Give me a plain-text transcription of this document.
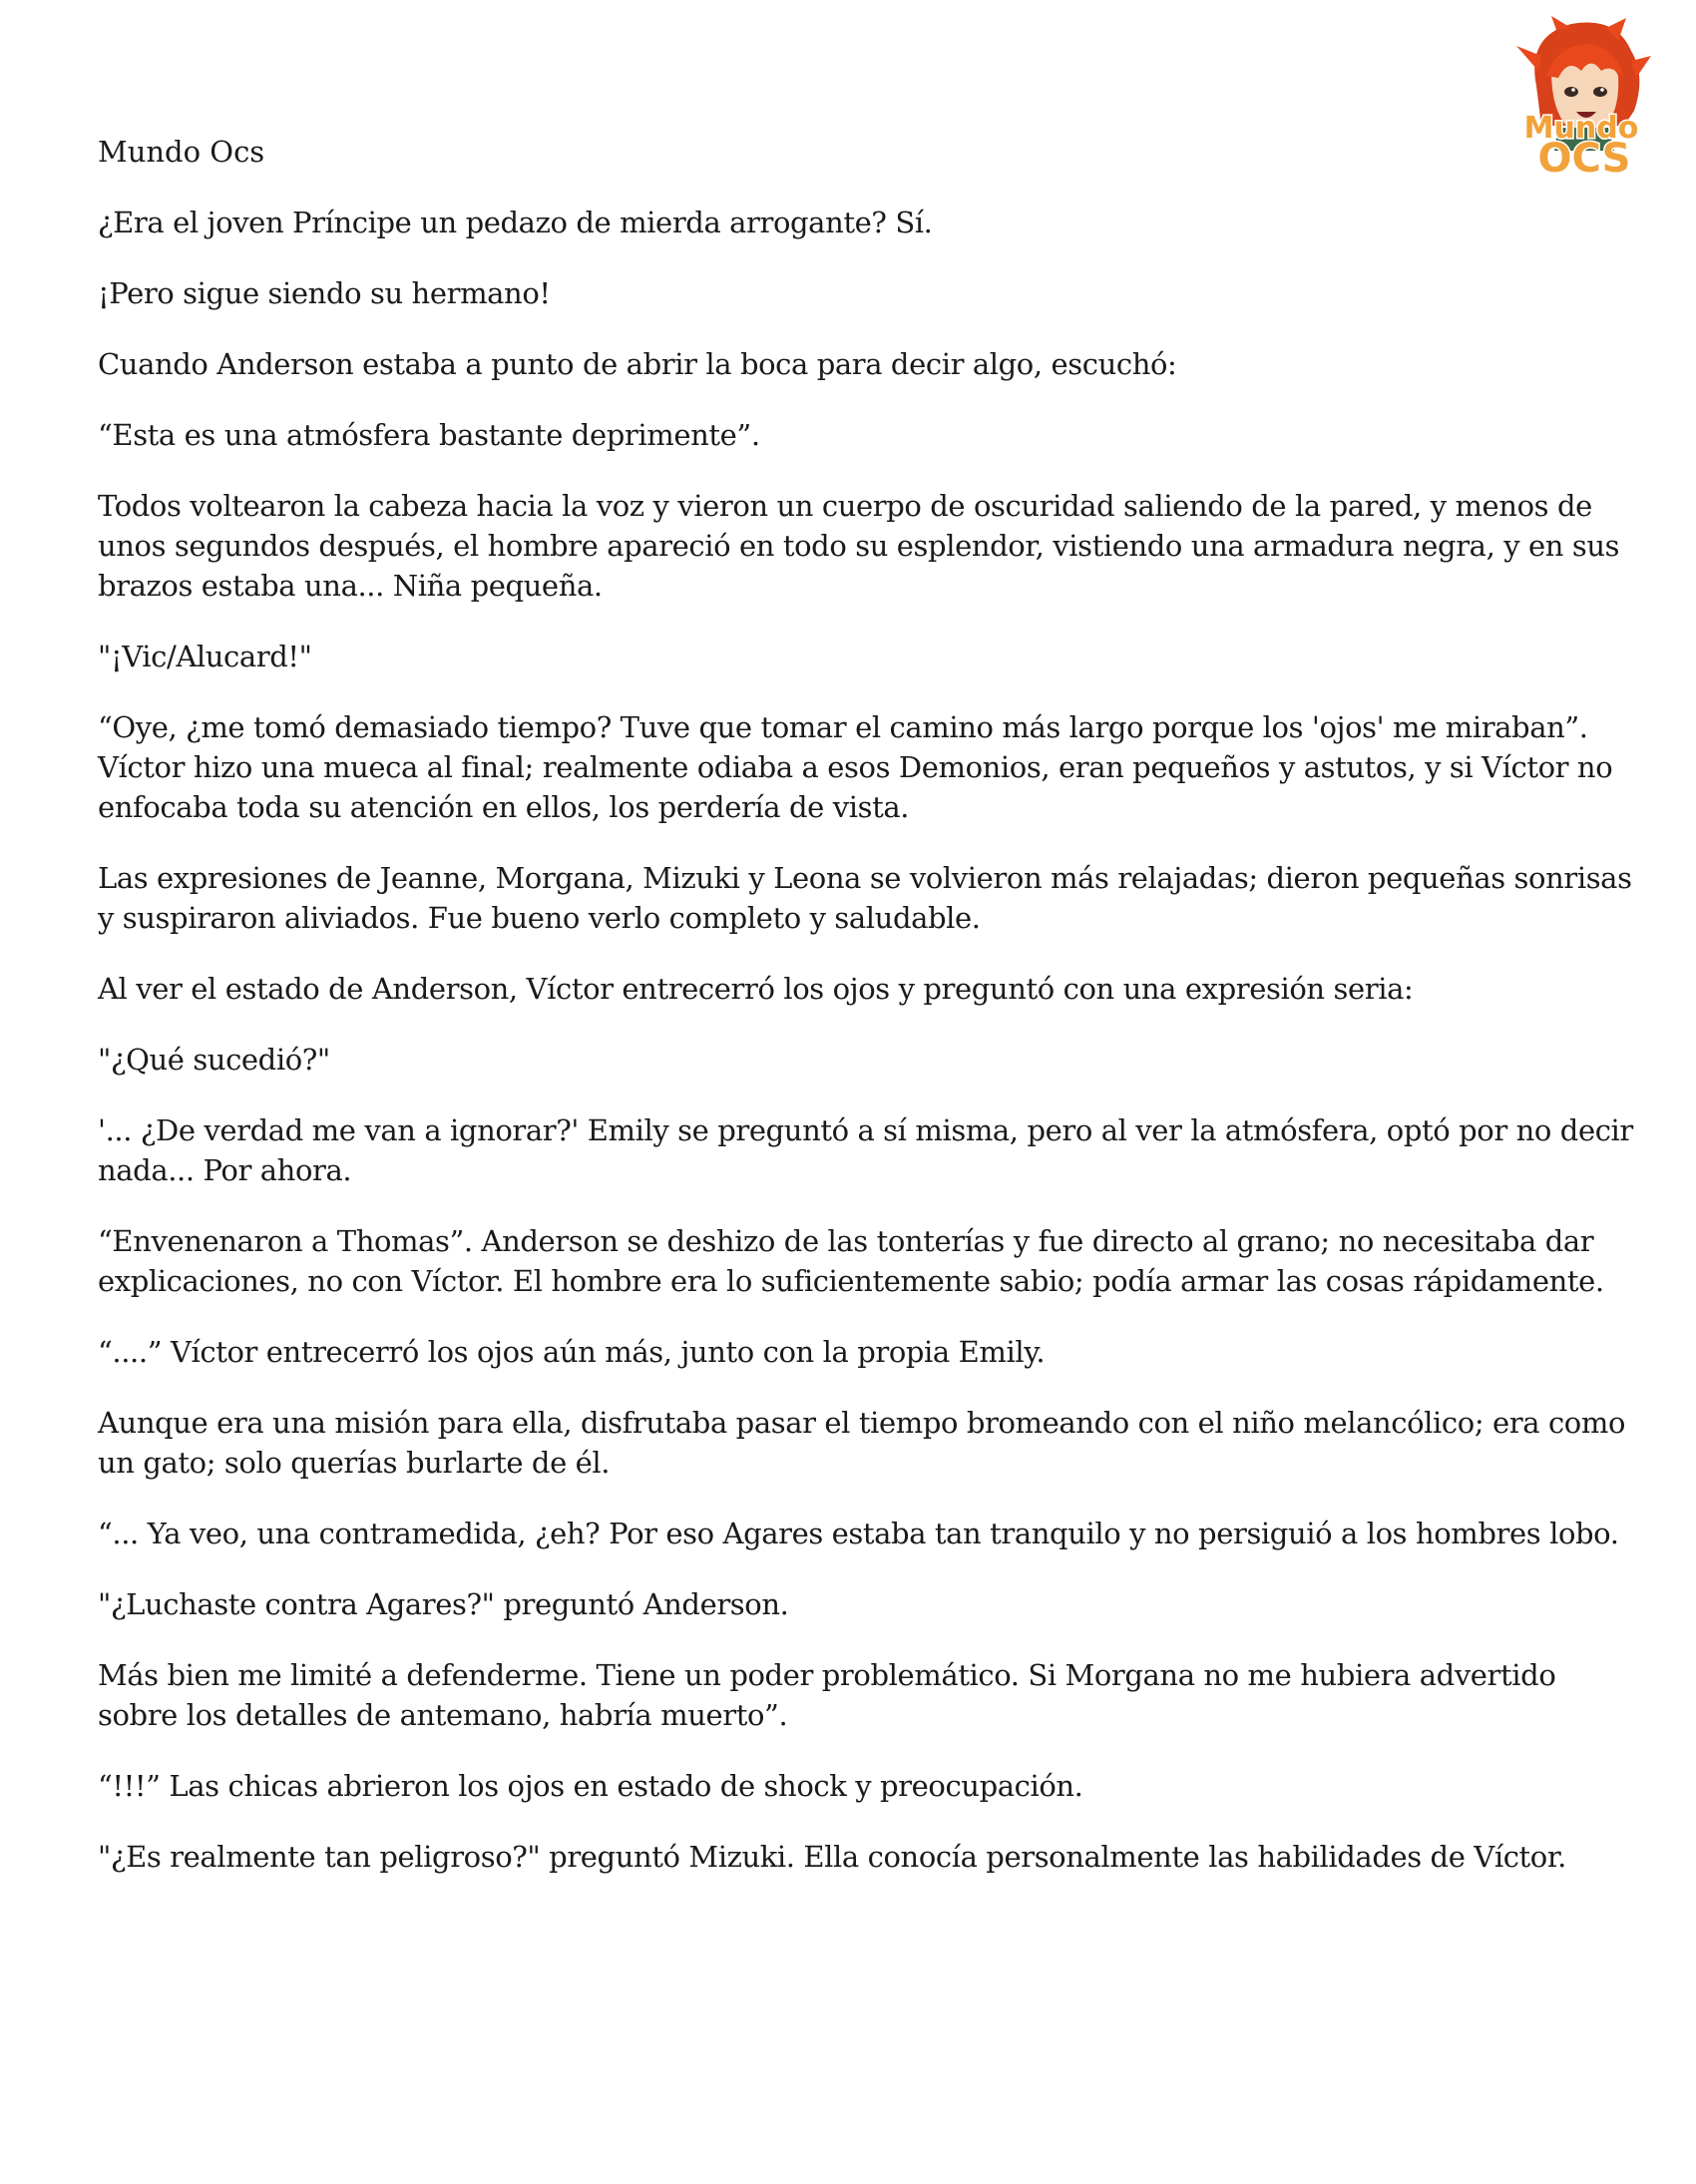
Mundo
OCS

Mundo Ocs

¿Era el joven Príncipe un pedazo de mierda arrogante? Sí.

¡Pero sigue siendo su hermano!

Cuando Anderson estaba a punto de abrir la boca para decir algo, escuchó:

“Esta es una atmósfera bastante deprimente”.

Todos voltearon la cabeza hacia la voz y vieron un cuerpo de oscuridad saliendo de la pared, y menos de unos segundos después, el hombre apareció en todo su esplendor, vistiendo una armadura negra, y en sus brazos estaba una... Niña pequeña.

"¡Vic/Alucard!"

“Oye, ¿me tomó demasiado tiempo? Tuve que tomar el camino más largo porque los 'ojos' me miraban”. Víctor hizo una mueca al final; realmente odiaba a esos Demonios, eran pequeños y astutos, y si Víctor no enfocaba toda su atención en ellos, los perdería de vista.

Las expresiones de Jeanne, Morgana, Mizuki y Leona se volvieron más relajadas; dieron pequeñas sonrisas y suspiraron aliviados. Fue bueno verlo completo y saludable.

Al ver el estado de Anderson, Víctor entrecerró los ojos y preguntó con una expresión seria:

"¿Qué sucedió?"

'... ¿De verdad me van a ignorar?' Emily se preguntó a sí misma, pero al ver la atmósfera, optó por no decir nada... Por ahora.

“Envenenaron a Thomas”. Anderson se deshizo de las tonterías y fue directo al grano; no necesitaba dar explicaciones, no con Víctor. El hombre era lo suficientemente sabio; podía armar las cosas rápidamente.

“....” Víctor entrecerró los ojos aún más, junto con la propia Emily.

Aunque era una misión para ella, disfrutaba pasar el tiempo bromeando con el niño melancólico; era como un gato; solo querías burlarte de él.

“... Ya veo, una contramedida, ¿eh? Por eso Agares estaba tan tranquilo y no persiguió a los hombres lobo.

"¿Luchaste contra Agares?" preguntó Anderson.

Más bien me limité a defenderme. Tiene un poder problemático. Si Morgana no me hubiera advertido sobre los detalles de antemano, habría muerto”.

“!!!” Las chicas abrieron los ojos en estado de shock y preocupación.

"¿Es realmente tan peligroso?" preguntó Mizuki. Ella conocía personalmente las habilidades de Víctor.
